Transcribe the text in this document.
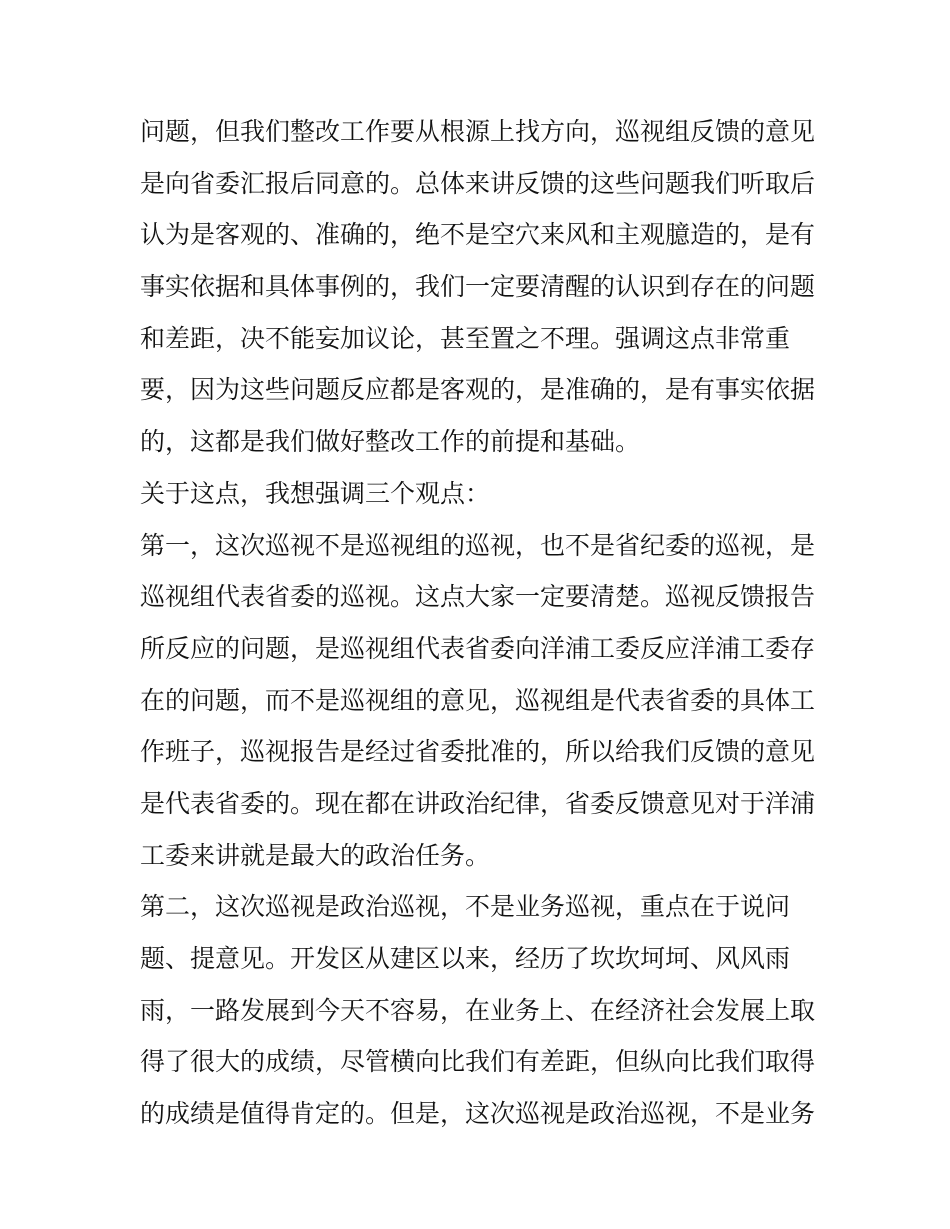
问题，但我们整改工作要从根源上找方向，巡视组反馈的意见
是向省委汇报后同意的。总体来讲反馈的这些问题我们听取后
认为是客观的、准确的，绝不是空穴来风和主观臆造的，是有
事实依据和具体事例的，我们一定要清醒的认识到存在的问题
和差距，决不能妄加议论，甚至置之不理。强调这点非常重
要，因为这些问题反应都是客观的，是准确的，是有事实依据
的，这都是我们做好整改工作的前提和基础。
关于这点，我想强调三个观点：
第一，这次巡视不是巡视组的巡视，也不是省纪委的巡视，是
巡视组代表省委的巡视。这点大家一定要清楚。巡视反馈报告
所反应的问题，是巡视组代表省委向洋浦工委反应洋浦工委存
在的问题，而不是巡视组的意见，巡视组是代表省委的具体工
作班子，巡视报告是经过省委批准的，所以给我们反馈的意见
是代表省委的。现在都在讲政治纪律，省委反馈意见对于洋浦
工委来讲就是最大的政治任务。
第二，这次巡视是政治巡视，不是业务巡视，重点在于说问
题、提意见。开发区从建区以来，经历了坎坎坷坷、风风雨
雨，一路发展到今天不容易，在业务上、在经济社会发展上取
得了很大的成绩，尽管横向比我们有差距，但纵向比我们取得
的成绩是值得肯定的。但是，这次巡视是政治巡视，不是业务
